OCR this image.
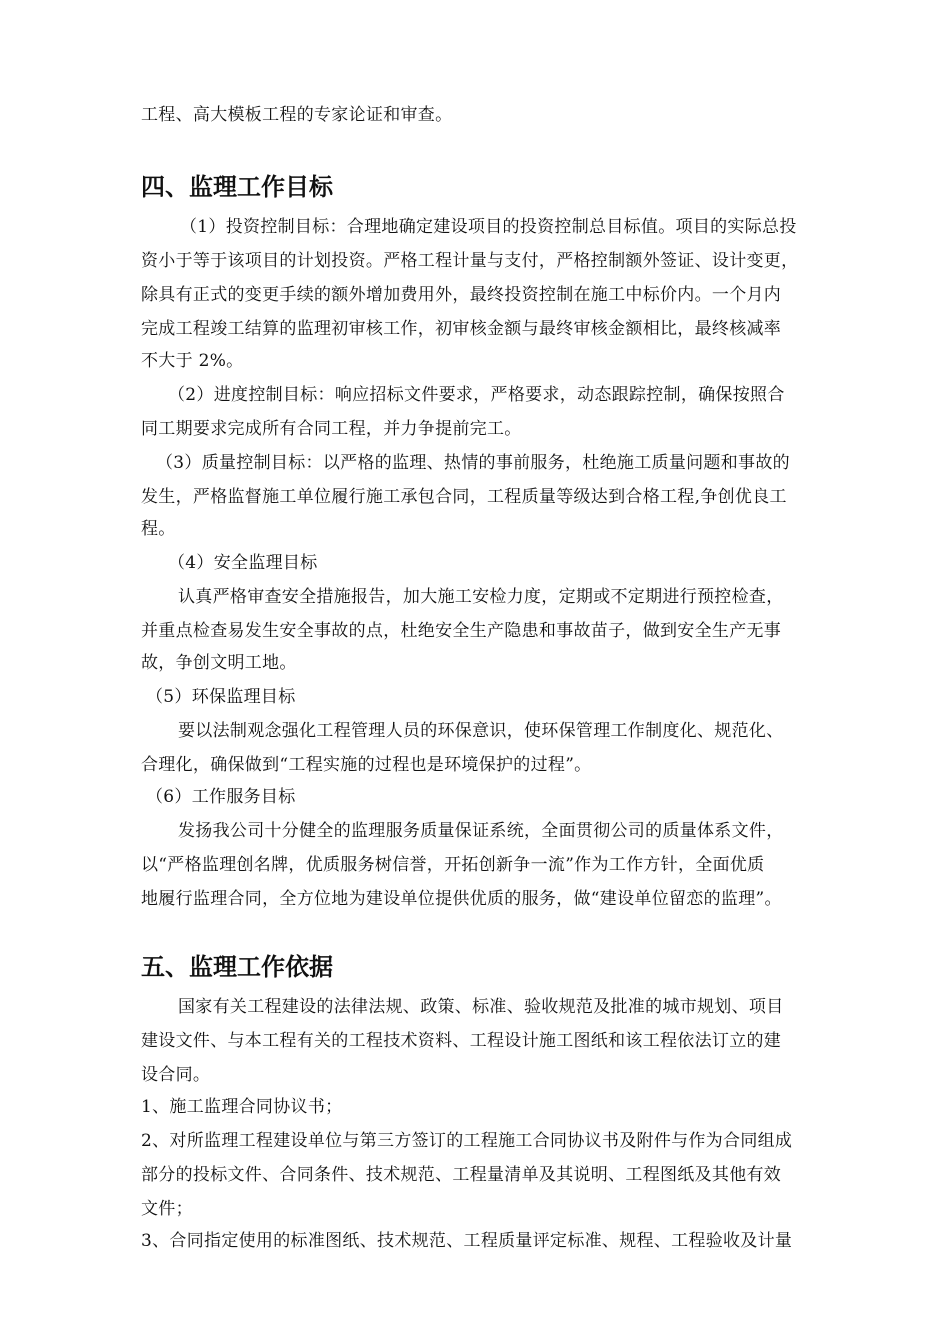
工程、高大模板工程的专家论证和审查。
四、监理工作目标
（1）投资控制目标：合理地确定建设项目的投资控制总目标值。项目的实际总投
资小于等于该项目的计划投资。严格工程计量与支付，严格控制额外签证、设计变更，
除具有正式的变更手续的额外增加费用外，最终投资控制在施工中标价内。一个月内
完成工程竣工结算的监理初审核工作，初审核金额与最终审核金额相比，最终核减率
不大于 2%。
（2）进度控制目标：响应招标文件要求，严格要求，动态跟踪控制，确保按照合
同工期要求完成所有合同工程，并力争提前完工。
（3）质量控制目标：以严格的监理、热情的事前服务，杜绝施工质量问题和事故的
发生，严格监督施工单位履行施工承包合同，工程质量等级达到合格工程,争创优良工
程。
（4）安全监理目标
认真严格审查安全措施报告，加大施工安检力度，定期或不定期进行预控检查，
并重点检查易发生安全事故的点，杜绝安全生产隐患和事故苗子，做到安全生产无事
故，争创文明工地。
（5）环保监理目标
要以法制观念强化工程管理人员的环保意识，使环保管理工作制度化、规范化、
合理化，确保做到“工程实施的过程也是环境保护的过程”。
（6）工作服务目标
发扬我公司十分健全的监理服务质量保证系统，全面贯彻公司的质量体系文件，
以“严格监理创名牌，优质服务树信誉，开拓创新争一流”作为工作方针，全面优质
地履行监理合同，全方位地为建设单位提供优质的服务，做“建设单位留恋的监理”。
五、监理工作依据
国家有关工程建设的法律法规、政策、标准、验收规范及批准的城市规划、项目
建设文件、与本工程有关的工程技术资料、工程设计施工图纸和该工程依法订立的建
设合同。
1、施工监理合同协议书；
2、对所监理工程建设单位与第三方签订的工程施工合同协议书及附件与作为合同组成
部分的投标文件、合同条件、技术规范、工程量清单及其说明、工程图纸及其他有效
文件；
3、合同指定使用的标准图纸、技术规范、工程质量评定标准、规程、工程验收及计量
